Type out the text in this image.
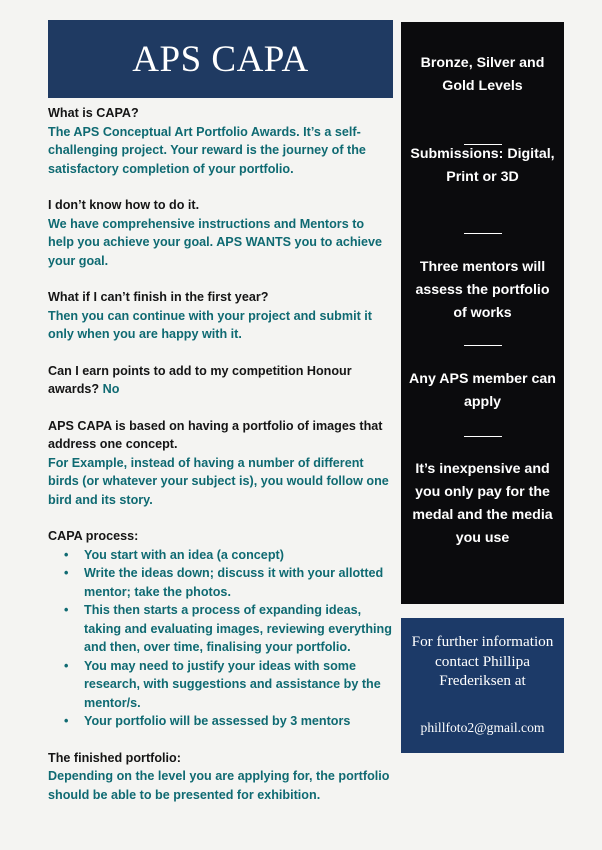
APS CAPA

What is CAPA?

The APS Conceptual Art Portfolio Awards. It’s a self-challenging project. Your reward is the journey of the satisfactory completion of your portfolio.

I don’t know how to do it.

We have comprehensive instructions and Mentors to help you achieve your goal. APS WANTS you to achieve your goal.

What if I can’t finish in the first year?

Then you can continue with your project and submit it only when you are happy with it.

Can I earn points to add to my competition Honour awards? No

APS CAPA is based on having a portfolio of images that address one concept.

For Example, instead of having a number of different birds (or whatever your subject is), you would follow one bird and its story.

CAPA process:

• You start with an idea (a concept)
• Write the ideas down; discuss it with your allotted mentor; take the photos.
• This then starts a process of expanding ideas, taking and evaluating images, reviewing everything and then, over time, finalising your portfolio.
• You may need to justify your ideas with some research, with suggestions and assistance by the mentor/s.
• Your portfolio will be assessed by 3 mentors

The finished portfolio:

Depending on the level you are applying for, the portfolio should be able to be presented for exhibition.

Bronze, Silver and Gold Levels
Submissions: Digital, Print or 3D
Three mentors will assess the portfolio of works
Any APS member can apply
It’s inexpensive and you only pay for the medal and the media you use
For further information contact Phillipa Frederiksen at
phillfoto2@gmail.com
